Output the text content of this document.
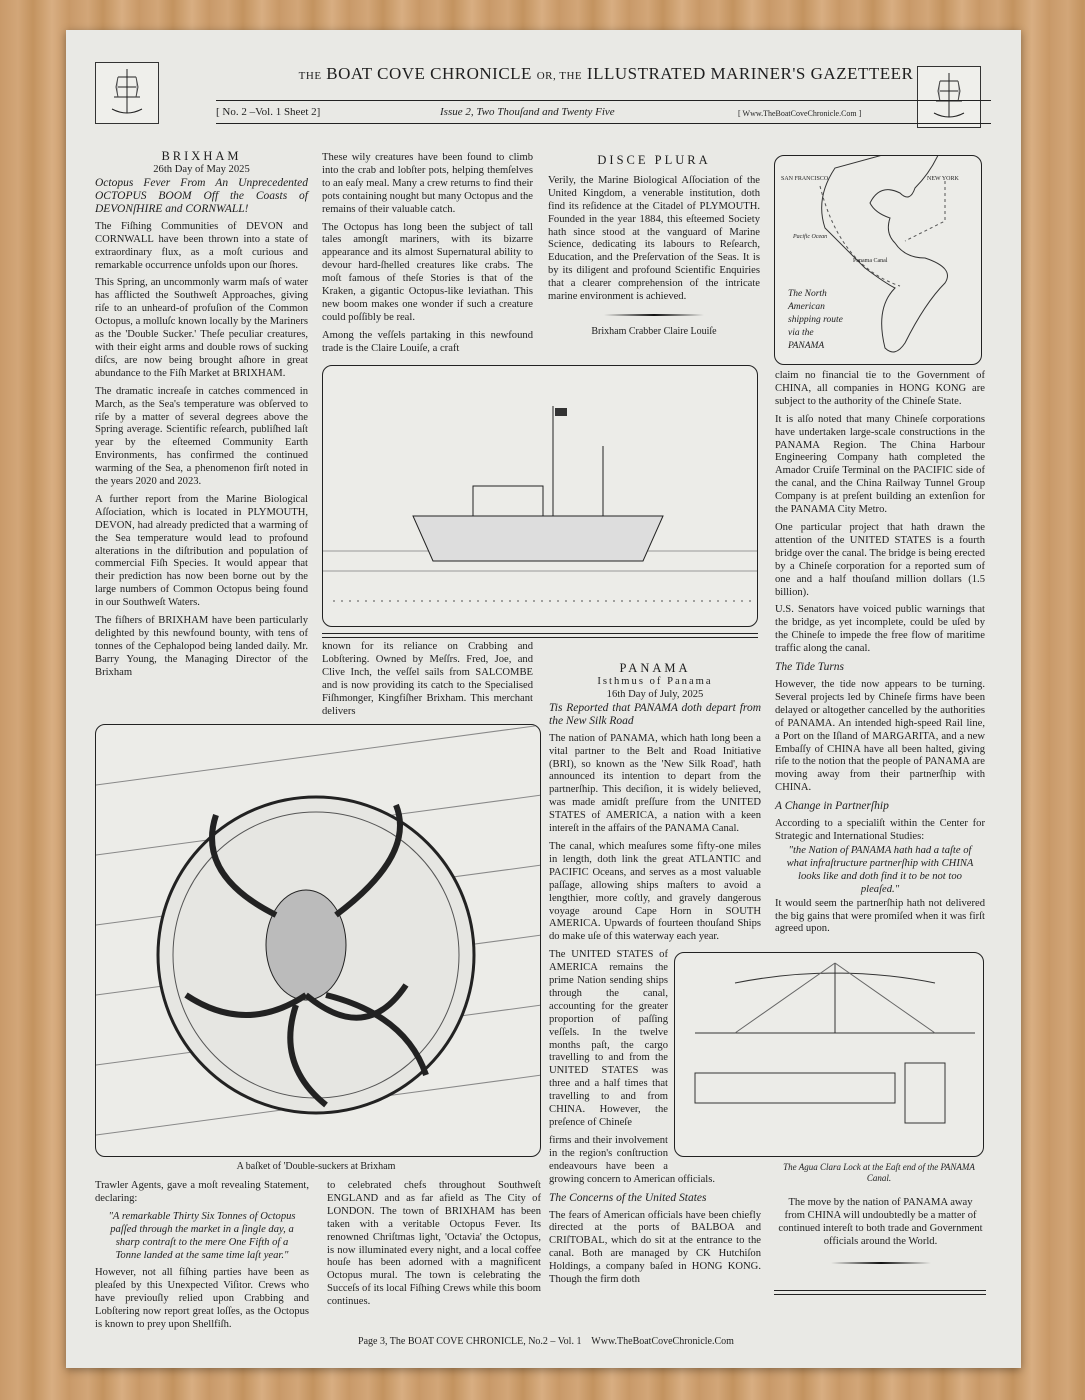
THE BOAT COVE CHRONICLE OR, THE ILLUSTRATED MARINER'S GAZETTEER
[ No. 2 –Vol. 1 Sheet 2]	Issue 2, Two Thouſand and Twenty Five	[ Www.TheBoatCoveChronicle.Com ]
BRIXHAM
26th Day of May 2025

Octopus Fever From An Unprecedented OCTOPUS BOOM Off the Coasts of DEVONſHIRE and CORNWALL!

The Fiſhing Communities of DEVON and CORNWALL have been thrown into a state of extraordinary flux, as a moſt curious and remarkable occurrence unfolds upon our ſhores.

This Spring, an uncommonly warm maſs of water has afflicted the Southweſt Approaches, giving riſe to an unheard-of profuſion of the Common Octopus, a molluſc known locally by the Mariners as the 'Double Sucker.' Theſe peculiar creatures, with their eight arms and double rows of sucking diſcs, are now being brought aſhore in great abundance to the Fiſh Market at BRIXHAM.

The dramatic increaſe in catches commenced in March, as the Sea's temperature was obſerved to riſe by a matter of several degrees above the Spring average. Scientific reſearch, publiſhed laſt year by the eſteemed Community Earth Environments, has confirmed the continued warming of the Sea, a phenomenon firſt noted in the years 2020 and 2023.

A further report from the Marine Biological Aſſociation, which is located in PLYMOUTH, DEVON, had already predicted that a warming of the Sea temperature would lead to profound alterations in the diſtribution and population of commercial Fiſh Species. It would appear that their prediction has now been borne out by the large numbers of Common Octopus being found in our Southweſt Waters.

The fiſhers of BRIXHAM have been particularly delighted by this newfound bounty, with tens of tonnes of the Cephalopod being landed daily. Mr. Barry Young, the Managing Director of the Brixham

These wily creatures have been found to climb into the crab and lobſter pots, helping themſelves to an eaſy meal. Many a crew returns to find their pots containing nought but many Octopus and the remains of their valuable catch.

The Octopus has long been the subject of tall tales amongſt mariners, with its bizarre appearance and its almost Supernatural ability to devour hard-ſhelled creatures like crabs. The moſt famous of theſe Stories is that of the Kraken, a gigantic Octopus-like leviathan. This new boom makes one wonder if such a creature could poſſibly be real.

Among the veſſels partaking in this newfound trade is the Claire Louiſe, a craft

DISCE PLURA

Verily, the Marine Biological Aſſociation of the United Kingdom, a venerable institution, doth find its reſidence at the Citadel of PLYMOUTH. Founded in the year 1884, this eſteemed Society hath since stood at the vanguard of Marine Science, dedicating its labours to Reſearch, Education, and the Preſervation of the Seas. It is by its diligent and profound Scientific Enquiries that a clearer comprehension of the intricate marine environment is achieved.

Brixham Crabber Claire Louiſe
SAN FRANCISCO	NEW YORK
Pacific Ocean
Panama Canal
The North American shipping route via the PANAMA

known for its reliance on Crabbing and Lobſtering. Owned by Meſſrs. Fred, Joe, and Clive Inch, the veſſel sails from SALCOMBE and is now providing its catch to the Specialised Fiſhmonger, Kingfiſher Brixham. This merchant delivers

claim no financial tie to the Government of CHINA, all companies in HONG KONG are subject to the authority of the Chineſe State.

It is alſo noted that many Chineſe corporations have undertaken large-scale constructions in the PANAMA Region. The China Harbour Engineering Company hath completed the Amador Cruiſe Terminal on the PACIFIC side of the canal, and the China Railway Tunnel Group Company is at preſent building an extenſion for the PANAMA City Metro.

One particular project that hath drawn the attention of the UNITED STATES is a fourth bridge over the canal. The bridge is being erected by a Chineſe corporation for a reported sum of one and a half thouſand million dollars (1.5 billion).

U.S. Senators have voiced public warnings that the bridge, as yet incomplete, could be uſed by the Chineſe to impede the free flow of maritime traffic along the canal.

The Tide Turns

However, the tide now appears to be turning. Several projects led by Chineſe firms have been delayed or altogether cancelled by the authorities of PANAMA. An intended high-speed Rail line, a Port on the Iſland of MARGARITA, and a new Embaſſy of CHINA have all been halted, giving riſe to the notion that the people of PANAMA are moving away from their partnerſhip with CHINA.

A Change in Partnerſhip

According to a specialiſt within the Center for Strategic and International Studies:

"the Nation of PANAMA hath had a taſte of what infraſtructure partnerſhip with CHINA looks like and doth find it to be not too pleaſed."

It would seem the partnerſhip hath not delivered the big gains that were promiſed when it was firſt agreed upon.

PANAMA
Isthmus of Panama
16th Day of July, 2025

Tis Reported that PANAMA doth depart from the New Silk Road

The nation of PANAMA, which hath long been a vital partner to the Belt and Road Initiative (BRI), so known as the 'New Silk Road', hath announced its intention to depart from the partnerſhip. This deciſion, it is widely believed, was made amidſt preſſure from the UNITED STATES of AMERICA, a nation with a keen intereſt in the affairs of the PANAMA Canal.

The canal, which meaſures some fifty-one miles in length, doth link the great ATLANTIC and PACIFIC Oceans, and serves as a most valuable paſſage, allowing ships maſters to avoid a lengthier, more coſtly, and gravely dangerous voyage around Cape Horn in SOUTH AMERICA. Upwards of fourteen thouſand Ships do make uſe of this waterway each year.

The Agua Clara Lock at the Eaſt end of the PANAMA Canal.
The move by the nation of PANAMA away from CHINA will undoubtedly be a matter of continued intereſt to both trade and Government officials around the World.

The UNITED STATES of AMERICA remains the prime Nation sending ships through the canal, accounting for the greater proportion of paſſing veſſels. In the twelve months paſt, the cargo travelling to and from the UNITED STATES was three and a half times that travelling to and from CHINA. However, the preſence of Chineſe

firms and their involvement in the region's conſtruction endeavours have been a growing concern to American officials.

The Concerns of the United States

The fears of American officials have been chiefly directed at the ports of BALBOA and CRIſTOBAL, which do sit at the entrance to the canal. Both are managed by CK Hutchiſon Holdings, a company baſed in HONG KONG. Though the firm doth

A baſket of 'Double-suckers at Brixham

Trawler Agents, gave a moſt revealing Statement, declaring:

"A remarkable Thirty Six Tonnes of Octopus paſſed through the market in a ſingle day, a sharp contraſt to the mere One Fifth of a Tonne landed at the same time laſt year."

However, not all fiſhing parties have been as pleaſed by this Unexpected Viſitor. Crews who have previouſly relied upon Crabbing and Lobſtering now report great loſſes, as the Octopus is known to prey upon Shellfiſh.

to celebrated chefs throughout Southweſt ENGLAND and as far afield as The City of LONDON. The town of BRIXHAM has been taken with a veritable Octopus Fever. Its renowned Chriſtmas light, 'Octavia' the Octopus, is now illuminated every night, and a local coffee houſe has been adorned with a magnificent Octopus mural. The town is celebrating the Succeſs of its local Fiſhing Crews while this boom continues.

Page 3, The BOAT COVE CHRONICLE, No.2 – Vol. 1    Www.TheBoatCoveChronicle.Com
